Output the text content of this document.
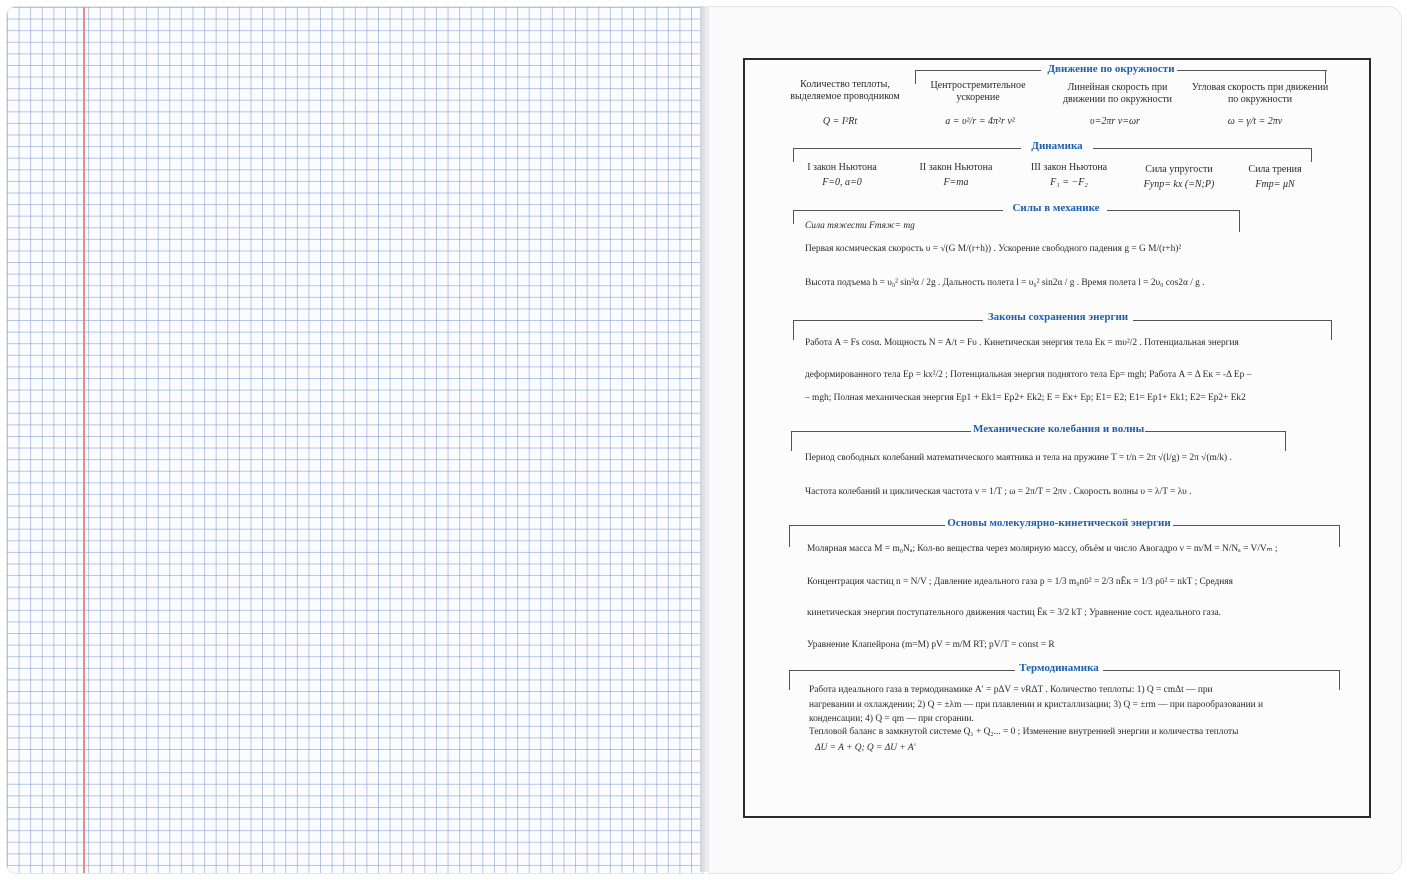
Движение по окружности
Количество теплоты, выделяемое проводником
Q = I²Rt
Центростремительное ускорение
a = υ²/r = 4π²r ν²
Линейная скорость при движении по окружности
υ=2πr ν=ωr
Угловая скорость при движении по окружности
ω = γ/t = 2πν
Динамика
I закон Ньютона
F=0, a=0
II закон Ньютона
F=ma
III закон Ньютона
F₁ = −F₂
Сила упругости
Fупр= kx (=N;P)
Сила трения
Fтр= μN
Силы в механике
Сила тяжести Fтяж= mg
Первая космическая скорость υ = √(G M/(r+h)) . Ускорение свободного падения g = G M/(r+h)²
Высота подъема h = υ₀² sin²α / 2g . Дальность полета l = υ₀² sin2α / g . Время полета l = 2υ₀ cos2α / g .
Законы сохранения энергии
Работа A = Fs cosα. Мощность N = A/t = Fυ . Кинетическая энергия тела Eк = mυ²/2 . Потенциальная энергия
деформированного тела Ep = kx²/2 ; Потенциальная энергия поднятого тела Ep= mgh; Работа A = Δ Eк = -Δ Ep –
– mgh; Полная механическая энергия Ep1 + Ek1= Ep2+ Ek2; E = Eк+ Ep; E1= E2; E1= Ep1+ Ek1; E2= Ep2+ Ek2
Механические колебания и волны
Период свободных колебаний математического маятника и тела на пружине T = t/n = 2π √(l/g) = 2π √(m/k) .
Частота колебаний и циклическая частота ν = 1/T ; ω = 2π/T = 2πν . Скорость волны υ = λ/T = λυ .
Основы молекулярно-кинетической энергии
Молярная масса M = m₀Nₐ; Кол-во вещества через молярную массу, объём и число Авогадро ν = m/M = N/Nₐ = V/Vₘ ;
Концентрация частиц n = N/V ; Давление идеального газа p = 1/3 m₀nῡ² = 2/3 nĒк = 1/3 ρῡ² = nkT ; Средняя
кинетическая энергия поступательного движения частиц Ēк = 3/2 kT ; Уравнение сост. идеального газа.
Уравнение Клапейрона (m=M) pV = m/M RT; pV/T = const = R
Термодинамика
Работа идеального газа в термодинамике A′ = pΔV = νRΔT . Количество теплоты: 1) Q = cmΔt — при
нагревании и охлаждении; 2) Q = ±λm — при плавлении и кристаллизации; 3) Q = ±rm — при парообразовании и
конденсации; 4) Q = qm — при сгорании.
Тепловой баланс в замкнутой системе Q₁ + Q₂... = 0 ; Изменение внутренней энергии и количества теплоты
ΔU = A + Q; Q = ΔU + A′
